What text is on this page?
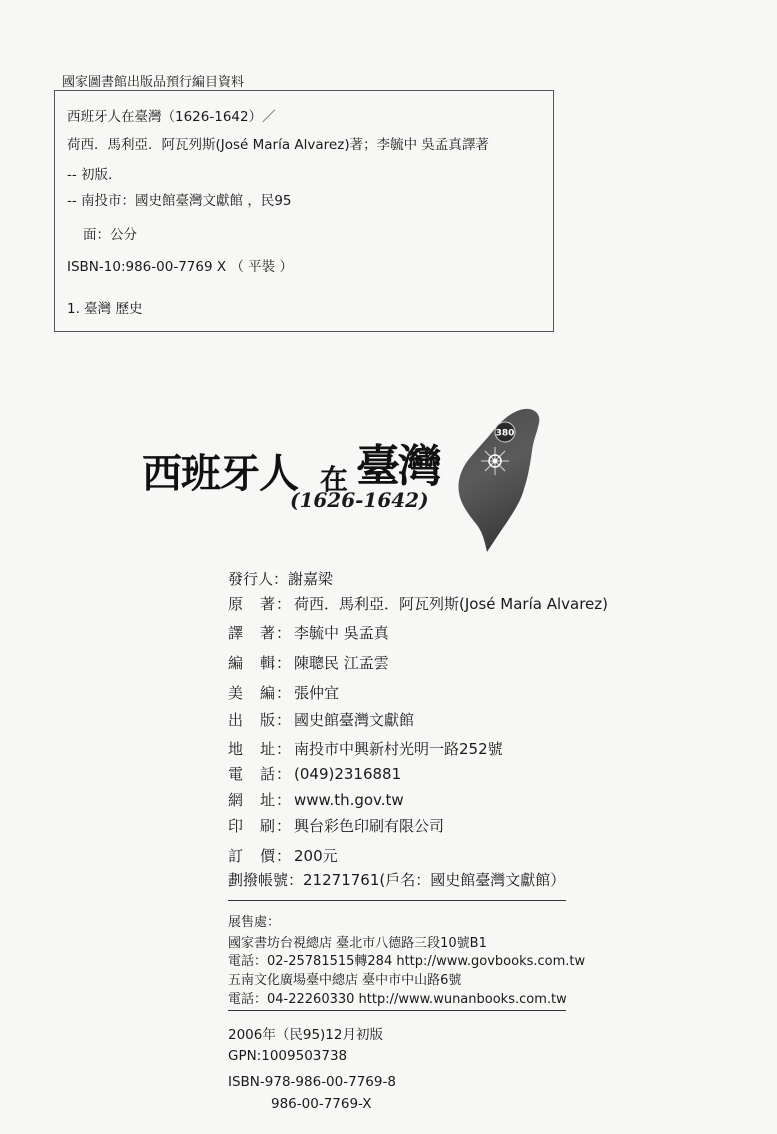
國家圖書館出版品預行編目資料
西班牙人在臺灣（1626-1642）／
荷西．馬利亞．阿瓦列斯(José María Alvarez)著；李毓中 吳孟真譯著
-- 初版.
-- 南投市：國史館臺灣文獻館 ，民95
面：公分
ISBN-10:986-00-7769 X （ 平裝 ）
1. 臺灣 歷史
西班牙人 在 臺灣
(1626-1642)
380
發行人：謝嘉梁
原　著： 荷西．馬利亞．阿瓦列斯(José María Alvarez)
譯　著： 李毓中 吳孟真
編　輯： 陳聰民 江孟雲
美　編： 張仲宜
出　版： 國史館臺灣文獻館
地　址： 南投市中興新村光明一路252號
電　話： (049)2316881
網　址： www.th.gov.tw
印　刷： 興台彩色印刷有限公司
訂　價： 200元
劃撥帳號：21271761(戶名：國史館臺灣文獻館）
展售處：
國家書坊台視總店 臺北市八德路三段10號B1
電話：02-25781515轉284 http://www.govbooks.com.tw
五南文化廣場臺中總店 臺中市中山路6號
電話：04-22260330 http://www.wunanbooks.com.tw
2006年（民95)12月初版
GPN:1009503738
ISBN-978-986-00-7769-8
986-00-7769-X
